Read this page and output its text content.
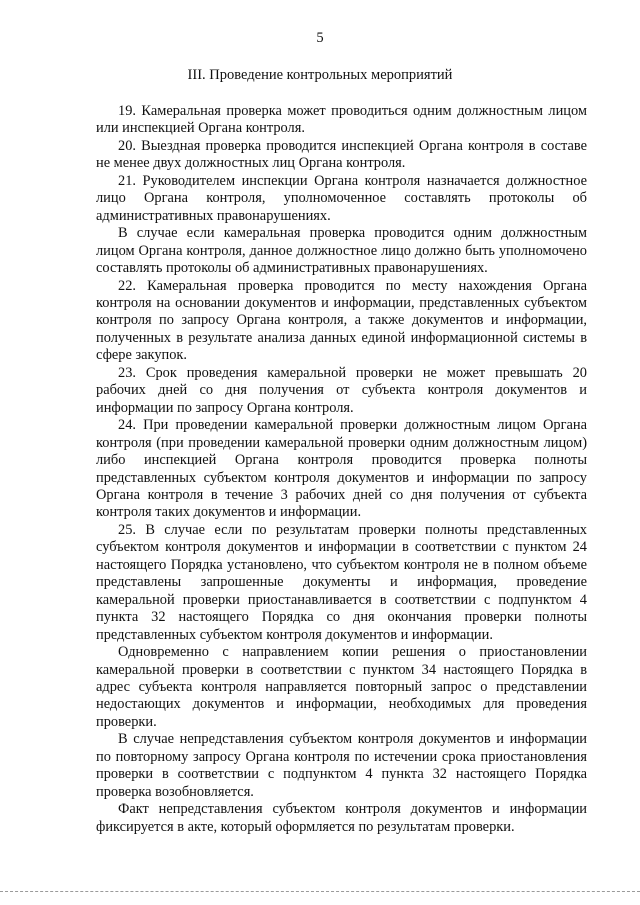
5
III. Проведение контрольных мероприятий

19. Камеральная проверка может проводиться одним должностным лицом или инспекцией Органа контроля.

20. Выездная проверка проводится инспекцией Органа контроля в составе не менее двух должностных лиц Органа контроля.

21. Руководителем инспекции Органа контроля назначается должностное лицо Органа контроля, уполномоченное составлять протоколы об административных правонарушениях.

В случае если камеральная проверка проводится одним должностным лицом Органа контроля, данное должностное лицо должно быть уполномочено составлять протоколы об административных правонарушениях.

22. Камеральная проверка проводится по месту нахождения Органа контроля на основании документов и информации, представленных субъектом контроля по запросу Органа контроля, а также документов и информации, полученных в результате анализа данных единой информационной системы в сфере закупок.

23. Срок проведения камеральной проверки не может превышать 20 рабочих дней со дня получения от субъекта контроля документов и информации по запросу Органа контроля.

24. При проведении камеральной проверки должностным лицом Органа контроля (при проведении камеральной проверки одним должностным лицом) либо инспекцией Органа контроля проводится проверка полноты представленных субъектом контроля документов и информации по запросу Органа контроля в течение 3 рабочих дней со дня получения от субъекта контроля таких документов и информации.

25. В случае если по результатам проверки полноты представленных субъектом контроля документов и информации в соответствии с пунктом 24 настоящего Порядка установлено, что субъектом контроля не в полном объеме представлены запрошенные документы и информация, проведение камеральной проверки приостанавливается в соответствии с подпунктом 4 пункта 32 настоящего Порядка со дня окончания проверки полноты представленных субъектом контроля документов и информации.

Одновременно с направлением копии решения о приостановлении камеральной проверки в соответствии с пунктом 34 настоящего Порядка в адрес субъекта контроля направляется повторный запрос о представлении недостающих документов и информации, необходимых для проведения проверки.

В случае непредставления субъектом контроля документов и информации по повторному запросу Органа контроля по истечении срока приостановления проверки в соответствии с подпунктом 4 пункта 32 настоящего Порядка проверка возобновляется.

Факт непредставления субъектом контроля документов и информации фиксируется в акте, который оформляется по результатам проверки.
